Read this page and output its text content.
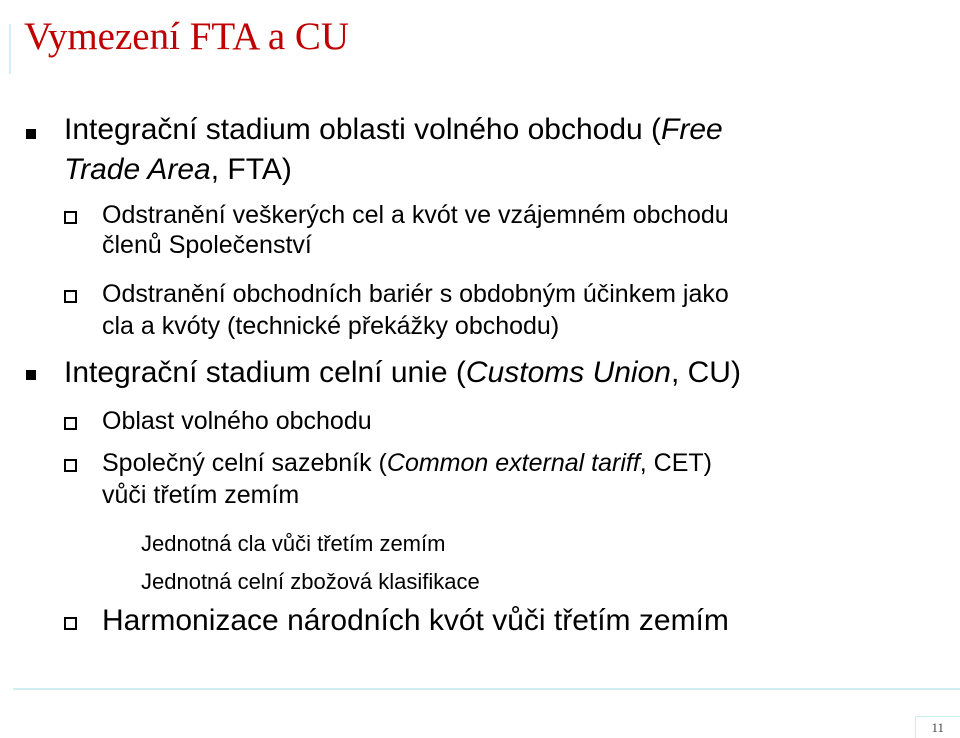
Vymezení FTA a CU
Integrační stadium oblasti volného obchodu (Free
Trade Area, FTA)
Odstranění veškerých cel a kvót ve vzájemném obchodu
členů Společenství
Odstranění obchodních bariér s obdobným účinkem jako
cla a kvóty (technické překážky obchodu)
Integrační stadium celní unie (Customs Union, CU)
Oblast volného obchodu
Společný celní sazebník (Common external tariff, CET)
vůči třetím zemím
Jednotná cla vůči třetím zemím
Jednotná celní zbožová klasifikace
Harmonizace národních kvót vůči třetím zemím
11
